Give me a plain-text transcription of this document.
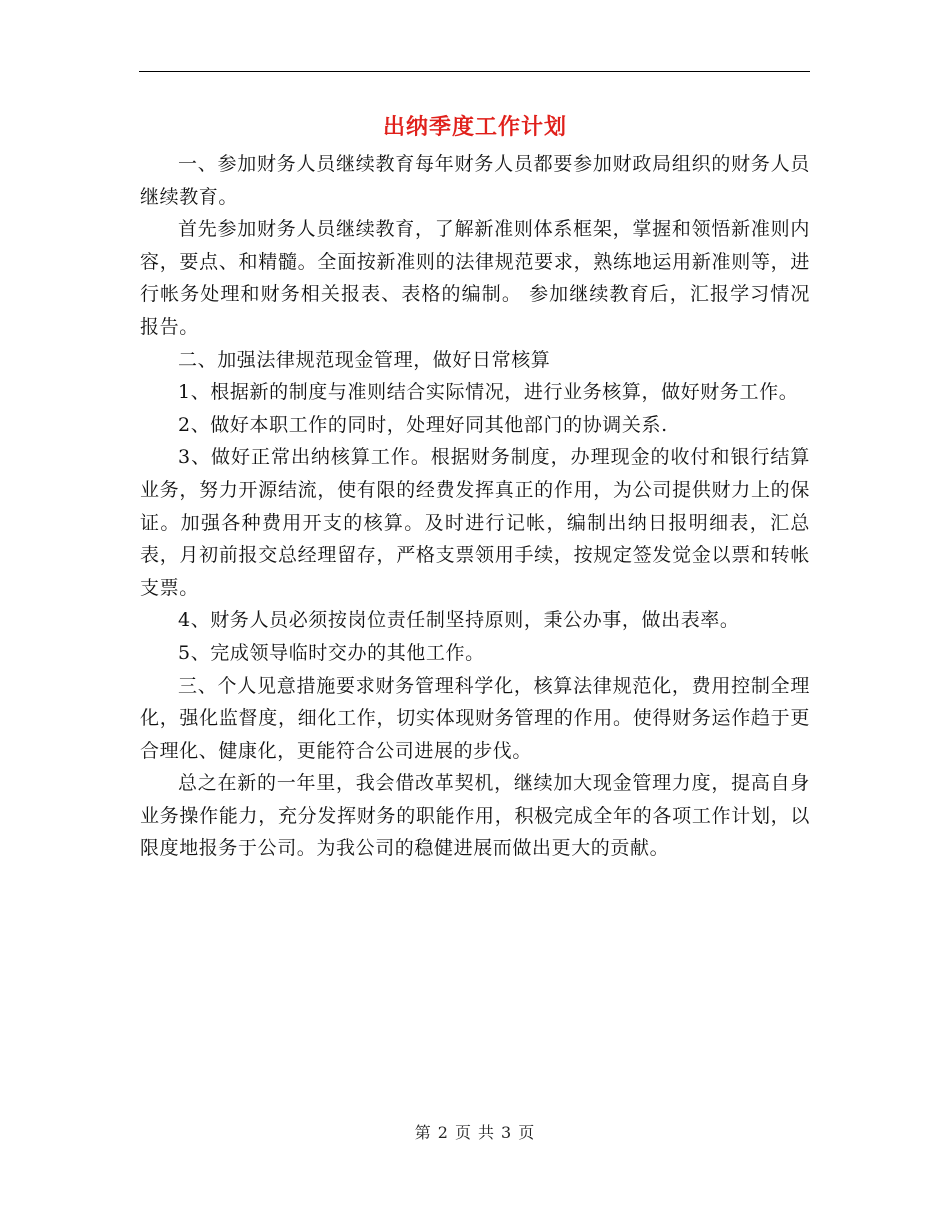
出纳季度工作计划

一、参加财务人员继续教育每年财务人员都要参加财政局组织的财务人员继续教育。

首先参加财务人员继续教育，了解新准则体系框架，掌握和领悟新准则内容，要点、和精髓。全面按新准则的法律规范要求，熟练地运用新准则等，进行帐务处理和财务相关报表、表格的编制。 参加继续教育后，汇报学习情况报告。

二、加强法律规范现金管理，做好日常核算

1、根据新的制度与准则结合实际情况，进行业务核算，做好财务工作。

2、做好本职工作的同时，处理好同其他部门的协调关系.

3、做好正常出纳核算工作。根据财务制度，办理现金的收付和银行结算业务，努力开源结流，使有限的经费发挥真正的作用，为公司提供财力上的保证。加强各种费用开支的核算。及时进行记帐，编制出纳日报明细表，汇总表，月初前报交总经理留存，严格支票领用手续，按规定签发觉金以票和转帐支票。

4、财务人员必须按岗位责任制坚持原则，秉公办事，做出表率。

5、完成领导临时交办的其他工作。

三、个人见意措施要求财务管理科学化，核算法律规范化，费用控制全理化，强化监督度，细化工作，切实体现财务管理的作用。使得财务运作趋于更合理化、健康化，更能符合公司进展的步伐。

总之在新的一年里，我会借改革契机，继续加大现金管理力度，提高自身业务操作能力，充分发挥财务的职能作用，积极完成全年的各项工作计划，以限度地报务于公司。为我公司的稳健进展而做出更大的贡献。

第 2 页 共 3 页
